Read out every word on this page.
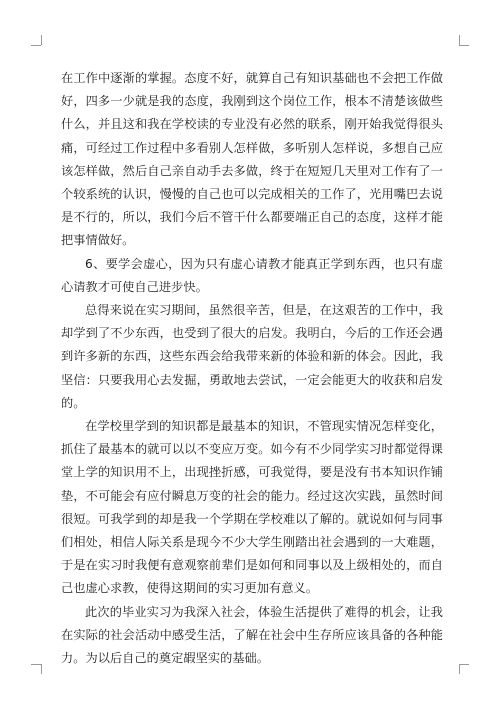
在工作中逐渐的掌握。态度不好，就算自己有知识基础也不会把工作做好，四多一少就是我的态度，我刚到这个岗位工作，根本不清楚该做些什么，并且这和我在学校读的专业没有必然的联系，刚开始我觉得很头痛，可经过工作过程中多看别人怎样做，多听别人怎样说，多想自己应该怎样做，然后自己亲自动手去多做，终于在短短几天里对工作有了一个较系统的认识，慢慢的自己也可以完成相关的工作了，光用嘴巴去说是不行的，所以，我们今后不管干什么都要端正自己的态度，这样才能把事情做好。

6、要学会虚心，因为只有虚心请教才能真正学到东西，也只有虚心请教才可使自己进步快。

总得来说在实习期间，虽然很辛苦，但是，在这艰苦的工作中，我却学到了不少东西，也受到了很大的启发。我明白，今后的工作还会遇到许多新的东西，这些东西会给我带来新的体验和新的体会。因此，我坚信：只要我用心去发掘，勇敢地去尝试，一定会能更大的收获和启发的。

在学校里学到的知识都是最基本的知识，不管现实情况怎样变化，抓住了最基本的就可以以不变应万变。如今有不少同学实习时都觉得课堂上学的知识用不上，出现挫折感，可我觉得，要是没有书本知识作铺垫，不可能会有应付瞬息万变的社会的能力。经过这次实践，虽然时间很短。可我学到的却是我一个学期在学校难以了解的。就说如何与同事们相处，相信人际关系是现今不少大学生刚踏出社会遇到的一大难题，于是在实习时我便有意观察前辈们是如何和同事以及上级相处的，而自己也虚心求教，使得这期间的实习更加有意义。

此次的毕业实习为我深入社会，体验生活提供了难得的机会，让我在实际的社会活动中感受生活，了解在社会中生存所应该具备的各种能力。为以后自己的奠定嘏坚实的基础。
